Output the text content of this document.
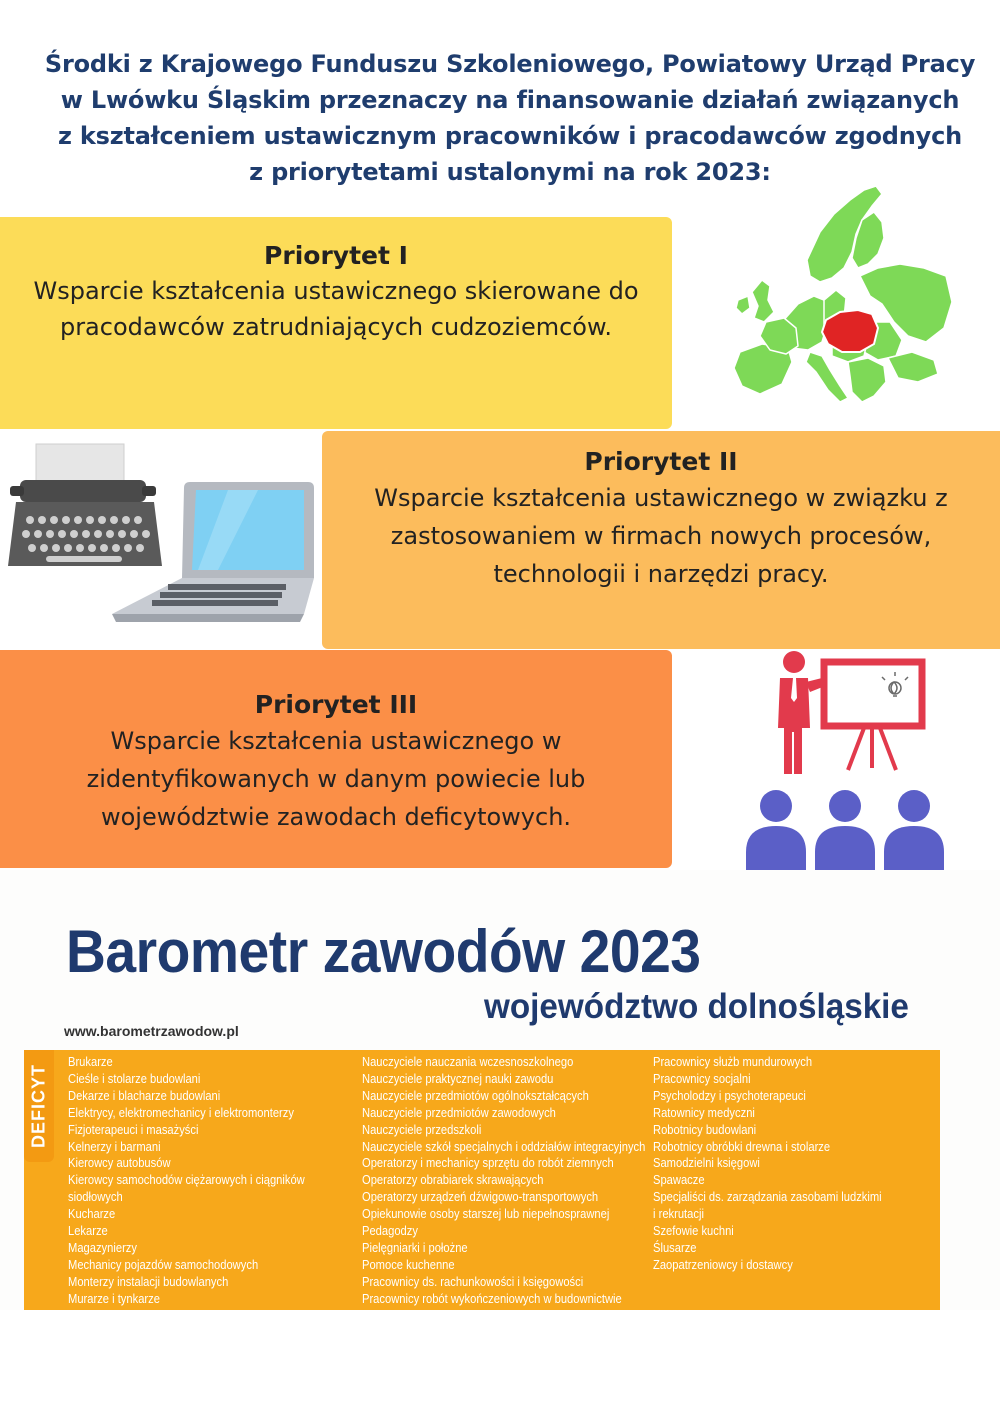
Środki z Krajowego Funduszu Szkoleniowego, Powiatowy Urząd Pracy
w Lwówku Śląskim przeznaczy na finansowanie działań związanych
z kształceniem ustawicznym pracowników i pracodawców zgodnych
z priorytetami ustalonymi na rok 2023:
Priorytet I
Wsparcie kształcenia ustawicznego skierowane do
pracodawców zatrudniających cudzoziemców.
Priorytet II
Wsparcie kształcenia ustawicznego w związku z
zastosowaniem w firmach nowych procesów,
technologii i narzędzi pracy.
Priorytet III
Wsparcie kształcenia ustawicznego w
zidentyfikowanych w danym powiecie lub
województwie zawodach deficytowych.
Barometr zawodów 2023
województwo dolnośląskie
www.barometrzawodow.pl
DEFICYT
Brukarze
Cieśle i stolarze budowlani
Dekarze i blacharze budowlani
Elektrycy, elektromechanicy i elektromonterzy
Fizjoterapeuci i masażyści
Kelnerzy i barmani
Kierowcy autobusów
Kierowcy samochodów ciężarowych i ciągników
siodłowych
Kucharze
Lekarze
Magazynierzy
Mechanicy pojazdów samochodowych
Monterzy instalacji budowlanych
Murarze i tynkarze
Nauczyciele nauczania wczesnoszkolnego
Nauczyciele praktycznej nauki zawodu
Nauczyciele przedmiotów ogólnokształcących
Nauczyciele przedmiotów zawodowych
Nauczyciele przedszkoli
Nauczyciele szkół specjalnych i oddziałów integracyjnych
Operatorzy i mechanicy sprzętu do robót ziemnych
Operatorzy obrabiarek skrawających
Operatorzy urządzeń dźwigowo-transportowych
Opiekunowie osoby starszej lub niepełnosprawnej
Pedagodzy
Pielęgniarki i położne
Pomoce kuchenne
Pracownicy ds. rachunkowości i księgowości
Pracownicy robót wykończeniowych w budownictwie
Pracownicy służb mundurowych
Pracownicy socjalni
Psycholodzy i psychoterapeuci
Ratownicy medyczni
Robotnicy budowlani
Robotnicy obróbki drewna i stolarze
Samodzielni księgowi
Spawacze
Specjaliści ds. zarządzania zasobami ludzkimi
i rekrutacji
Szefowie kuchni
Ślusarze
Zaopatrzeniowcy i dostawcy
